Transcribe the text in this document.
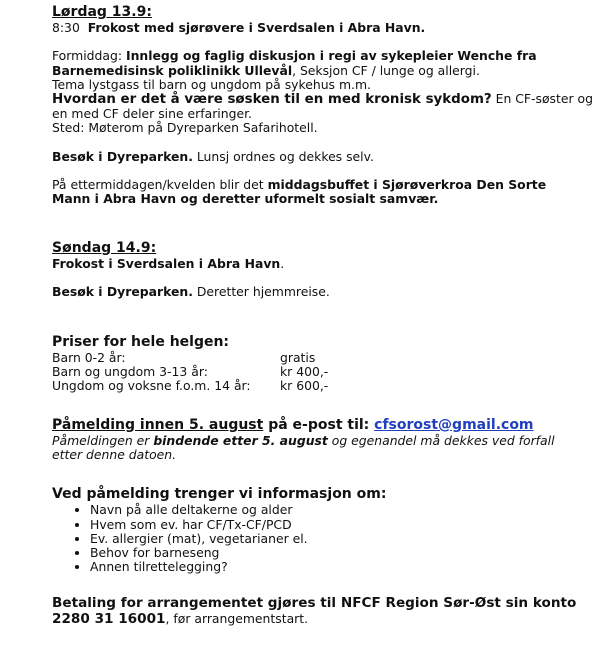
Lørdag 13.9:
8:30 Frokost med sjørøvere i Sverdsalen i Abra Havn.
Formiddag: Innlegg og faglig diskusjon i regi av sykepleier Wenche fra
Barnemedisinsk poliklinikk Ullevål, Seksjon CF / lunge og allergi.
Tema lystgass til barn og ungdom på sykehus m.m.
Hvordan er det å være søsken til en med kronisk sykdom? En CF-søster og
en med CF deler sine erfaringer.
Sted: Møterom på Dyreparken Safarihotell.
Besøk i Dyreparken. Lunsj ordnes og dekkes selv.
På ettermiddagen/kvelden blir det middagsbuffet i Sjørøverkroa Den Sorte
Mann i Abra Havn og deretter uformelt sosialt samvær.
Søndag 14.9:
Frokost i Sverdsalen i Abra Havn.
Besøk i Dyreparken. Deretter hjemmreise.
Priser for hele helgen:
Barn 0-2 år:	gratis
Barn og ungdom 3-13 år:	kr 400,-
Ungdom og voksne f.o.m. 14 år:	kr 600,-
Påmelding innen 5. august på e-post til: cfsorost@gmail.com
Påmeldingen er bindende etter 5. august og egenandel må dekkes ved forfall
etter denne datoen.
Ved påmelding trenger vi informasjon om:
• Navn på alle deltakerne og alder
• Hvem som ev. har CF/Tx-CF/PCD
• Ev. allergier (mat), vegetarianer el.
• Behov for barneseng
• Annen tilrettelegging?
Betaling for arrangementet gjøres til NFCF Region Sør-Øst sin konto
2280 31 16001, før arrangementstart.
